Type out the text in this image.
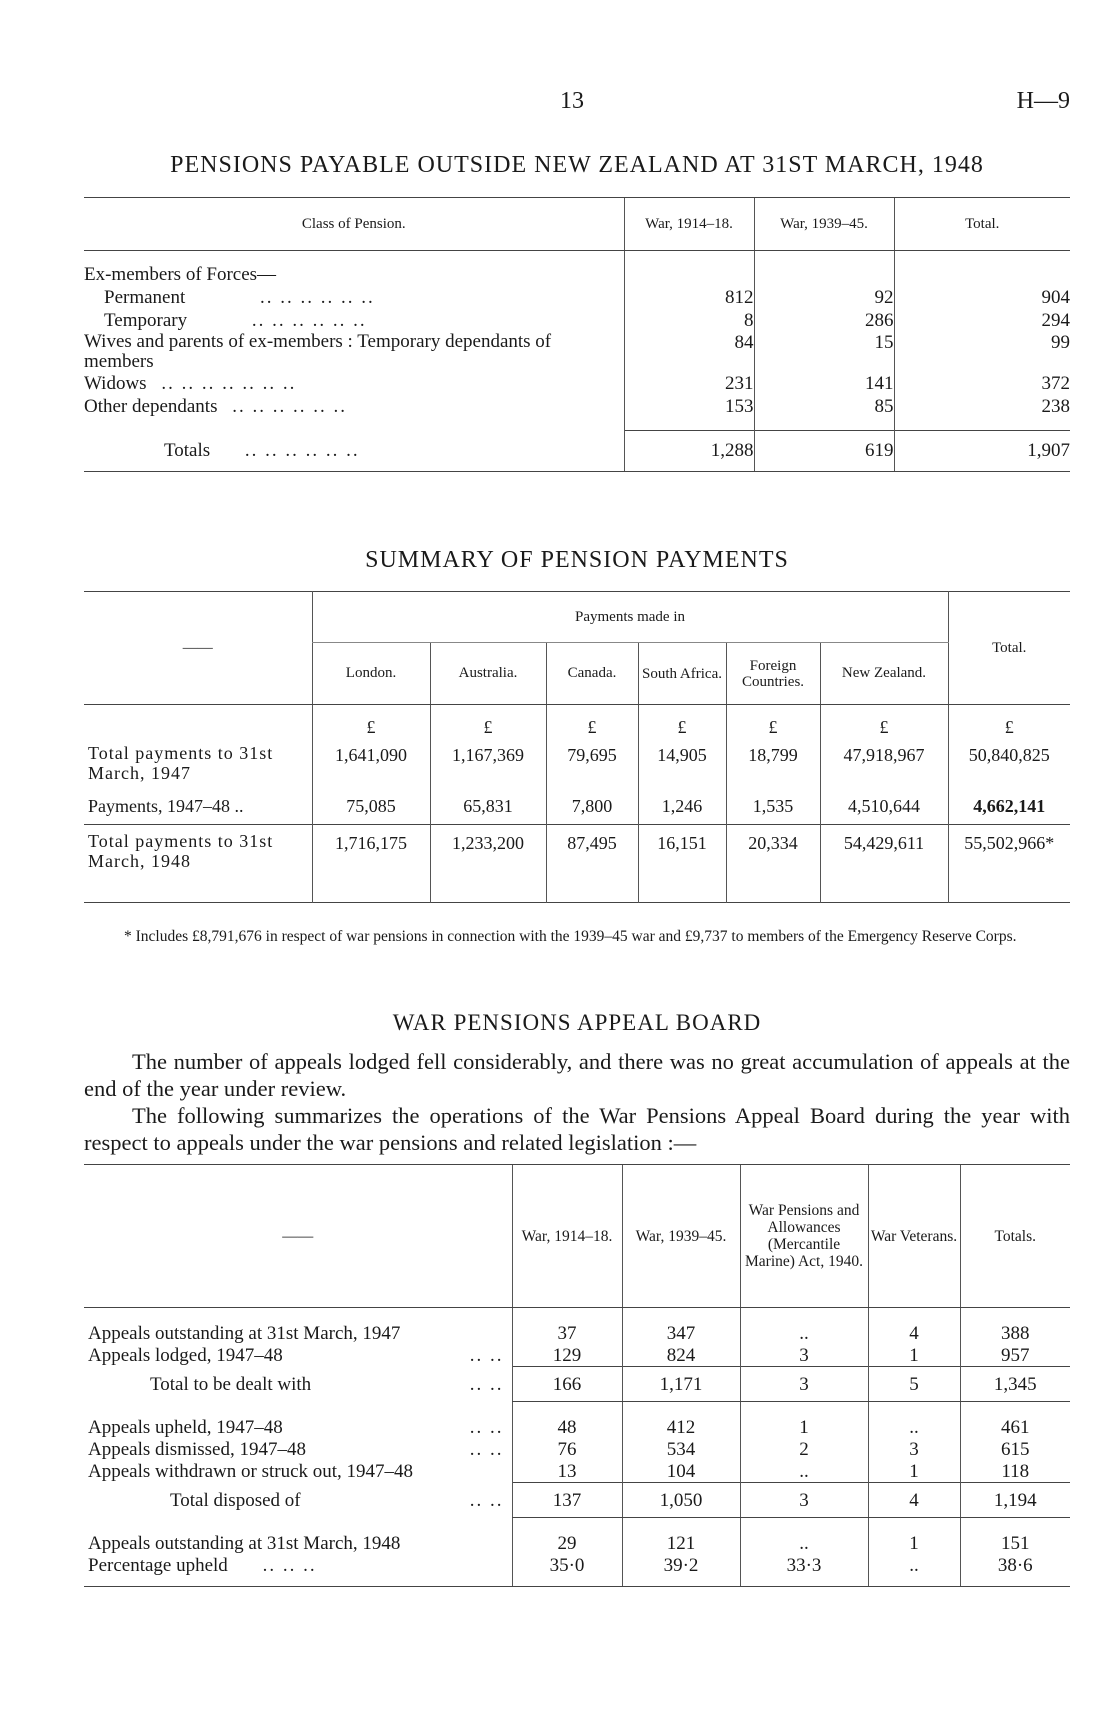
13	H—9
PENSIONS PAYABLE OUTSIDE NEW ZEALAND AT 31ST MARCH, 1948
Class of Pension.	War, 1914–18.	War, 1939–45.	Total.

Ex-members of Forces—			
Permanent .. .. .. .. .. ..	812	92	904
Temporary .. .. .. .. .. ..	8	286	294
Wives and parents of ex-members : Temporary dependants of members	84	15	99
Widows .. .. .. .. .. .. ..	231	141	372
Other dependants .. .. .. .. .. ..	153	85	238

Totals .. .. .. .. .. ..	1,288	619	1,907
SUMMARY OF PENSION PAYMENTS
——	Payments made in						Total.
	London.	Australia.	Canada.	South Africa.	Foreign Countries.	New Zealand.	
	£	£	£	£	£	£	£
Total payments to 31st March, 1947	1,641,090	1,167,369	79,695	14,905	18,799	47,918,967	50,840,825
Payments, 1947–48 ..	75,085	65,831	7,800	1,246	1,535	4,510,644	4,662,141
Total payments to 31st March, 1948	1,716,175	1,233,200	87,495	16,151	20,334	54,429,611	55,502,966*

* Includes £8,791,676 in respect of war pensions in connection with the 1939–45 war and £9,737 to members of the Emergency Reserve Corps.
WAR PENSIONS APPEAL BOARD

The number of appeals lodged fell considerably, and there was no great accumulation of appeals at the end of the year under review.

The following summarizes the operations of the War Pensions Appeal Board during the year with respect to appeals under the war pensions and related legislation :—

——	War, 1914–18.	War, 1939–45.	War Pensions and Allowances (Mercantile Marine) Act, 1940.	War Veterans.	Totals.

Appeals outstanding at 31st March, 1947	37	347	..	4	388
Appeals lodged, 1947–48 .. ..	129	824	3	1	957
Total to be dealt with .. ..	166	1,171	3	5	1,345

Appeals upheld, 1947–48 .. ..	48	412	1	..	461
Appeals dismissed, 1947–48 .. ..	76	534	2	3	615
Appeals withdrawn or struck out, 1947–48	13	104	..	1	118
Total disposed of .. ..	137	1,050	3	4	1,194

Appeals outstanding at 31st March, 1948	29	121	..	1	151
Percentage upheld .. .. ..	35·0	39·2	33·3	..	38·6
